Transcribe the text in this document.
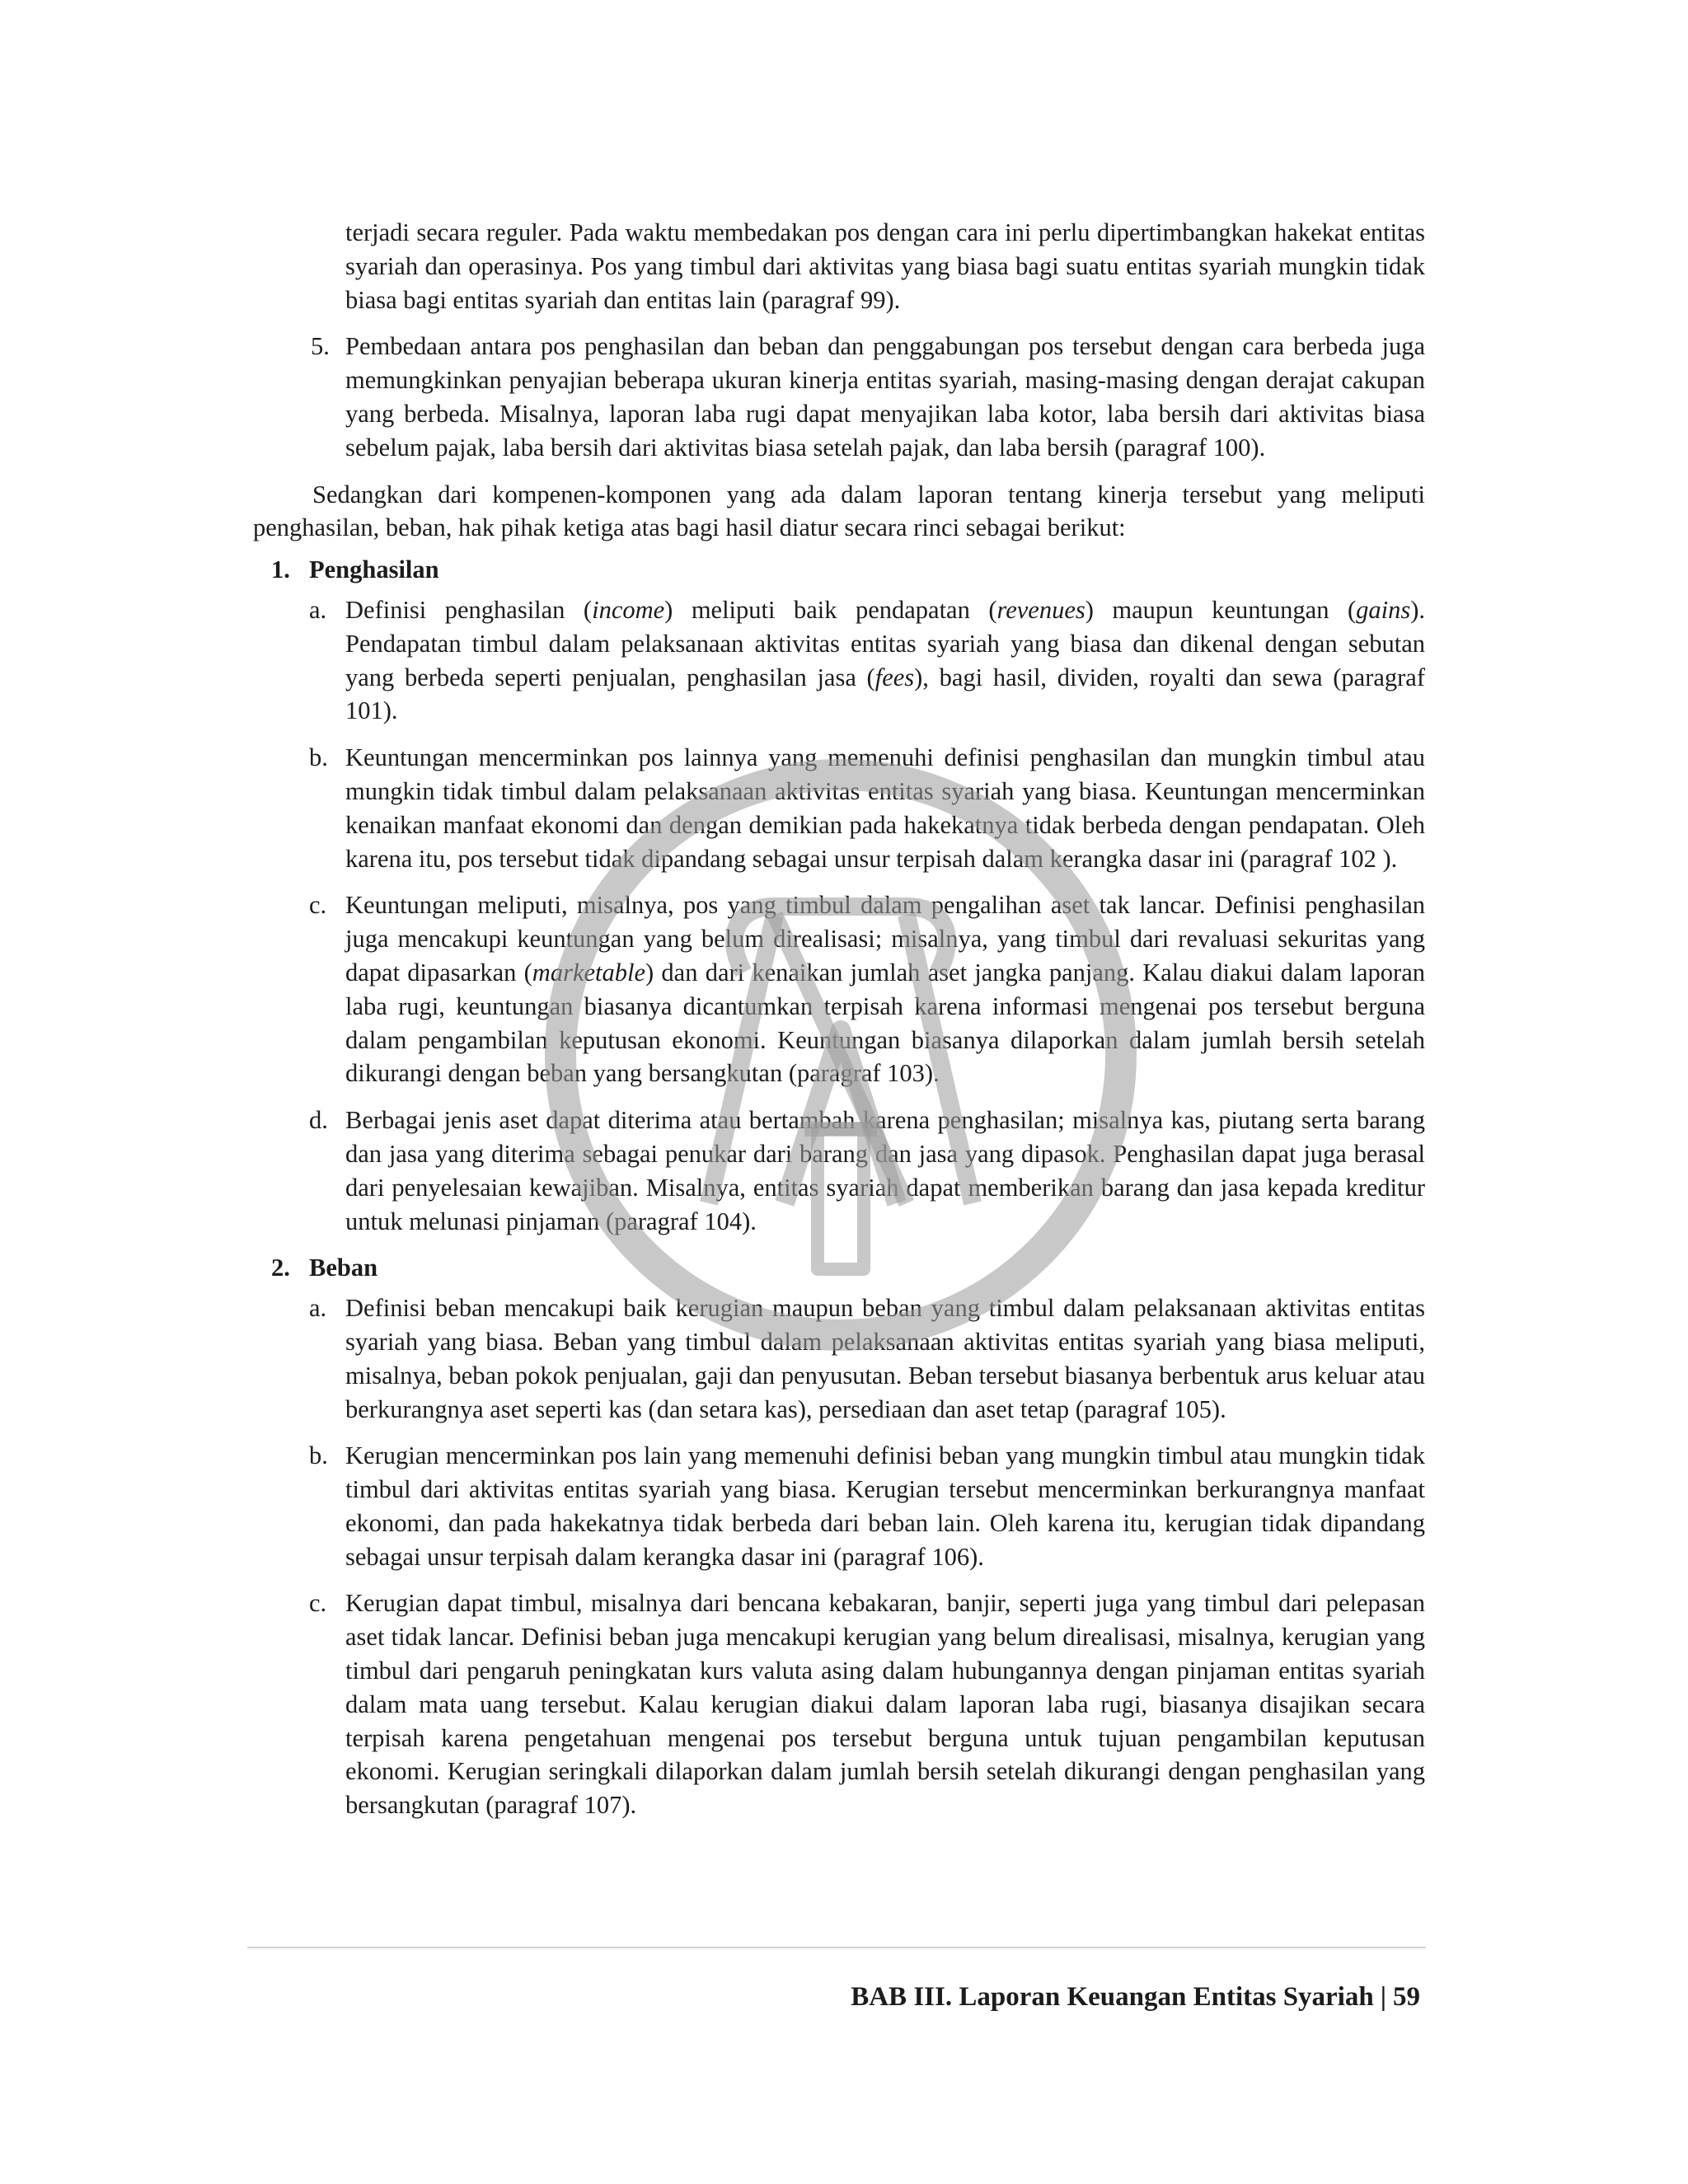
terjadi secara reguler. Pada waktu membedakan pos dengan cara ini perlu dipertimbangkan hakekat entitas syariah dan operasinya. Pos yang timbul dari aktivitas yang biasa bagi suatu entitas syariah mungkin tidak biasa bagi entitas syariah dan entitas lain (paragraf 99).

5. Pembedaan antara pos penghasilan dan beban dan penggabungan pos tersebut dengan cara berbeda juga memungkinkan penyajian beberapa ukuran kinerja entitas syariah, masing-masing dengan derajat cakupan yang berbeda. Misalnya, laporan laba rugi dapat menyajikan laba kotor, laba bersih dari aktivitas biasa sebelum pajak, laba bersih dari aktivitas biasa setelah pajak, dan laba bersih (paragraf 100).

Sedangkan dari kompenen-komponen yang ada dalam laporan tentang kinerja tersebut yang meliputi penghasilan, beban, hak pihak ketiga atas bagi hasil diatur secara rinci sebagai berikut:

1. Penghasilan
a. Definisi penghasilan (income) meliputi baik pendapatan (revenues) maupun keuntungan (gains). Pendapatan timbul dalam pelaksanaan aktivitas entitas syariah yang biasa dan dikenal dengan sebutan yang berbeda seperti penjualan, penghasilan jasa (fees), bagi hasil, dividen, royalti dan sewa (paragraf 101).

b. Keuntungan mencerminkan pos lainnya yang memenuhi definisi penghasilan dan mungkin timbul atau mungkin tidak timbul dalam pelaksanaan aktivitas entitas syariah yang biasa. Keuntungan mencerminkan kenaikan manfaat ekonomi dan dengan demikian pada hakekatnya tidak berbeda dengan pendapatan. Oleh karena itu, pos tersebut tidak dipandang sebagai unsur terpisah dalam kerangka dasar ini (paragraf 102 ).

c. Keuntungan meliputi, misalnya, pos yang timbul dalam pengalihan aset tak lancar. Definisi penghasilan juga mencakupi keuntungan yang belum direalisasi; misalnya, yang timbul dari revaluasi sekuritas yang dapat dipasarkan (marketable) dan dari kenaikan jumlah aset jangka panjang. Kalau diakui dalam laporan laba rugi, keuntungan biasanya dicantumkan terpisah karena informasi mengenai pos tersebut berguna dalam pengambilan keputusan ekonomi. Keuntungan biasanya dilaporkan dalam jumlah bersih setelah dikurangi dengan beban yang bersangkutan (paragraf 103).

d. Berbagai jenis aset dapat diterima atau bertambah karena penghasilan; misalnya kas, piutang serta barang dan jasa yang diterima sebagai penukar dari barang dan jasa yang dipasok. Penghasilan dapat juga berasal dari penyelesaian kewajiban. Misalnya, entitas syariah dapat memberikan barang dan jasa kepada kreditur untuk melunasi pinjaman (paragraf 104).

2. Beban
a. Definisi beban mencakupi baik kerugian maupun beban yang timbul dalam pelaksanaan aktivitas entitas syariah yang biasa. Beban yang timbul dalam pelaksanaan aktivitas entitas syariah yang biasa meliputi, misalnya, beban pokok penjualan, gaji dan penyusutan. Beban tersebut biasanya berbentuk arus keluar atau berkurangnya aset seperti kas (dan setara kas), persediaan dan aset tetap (paragraf 105).

b. Kerugian mencerminkan pos lain yang memenuhi definisi beban yang mungkin timbul atau mungkin tidak timbul dari aktivitas entitas syariah yang biasa. Kerugian tersebut mencerminkan berkurangnya manfaat ekonomi, dan pada hakekatnya tidak berbeda dari beban lain. Oleh karena itu, kerugian tidak dipandang sebagai unsur terpisah dalam kerangka dasar ini (paragraf 106).

c. Kerugian dapat timbul, misalnya dari bencana kebakaran, banjir, seperti juga yang timbul dari pelepasan aset tidak lancar. Definisi beban juga mencakupi kerugian yang belum direalisasi, misalnya, kerugian yang timbul dari pengaruh peningkatan kurs valuta asing dalam hubungannya dengan pinjaman entitas syariah dalam mata uang tersebut. Kalau kerugian diakui dalam laporan laba rugi, biasanya disajikan secara terpisah karena pengetahuan mengenai pos tersebut berguna untuk tujuan pengambilan keputusan ekonomi. Kerugian seringkali dilaporkan dalam jumlah bersih setelah dikurangi dengan penghasilan yang bersangkutan (paragraf 107).

BAB III. Laporan Keuangan Entitas Syariah | 59
